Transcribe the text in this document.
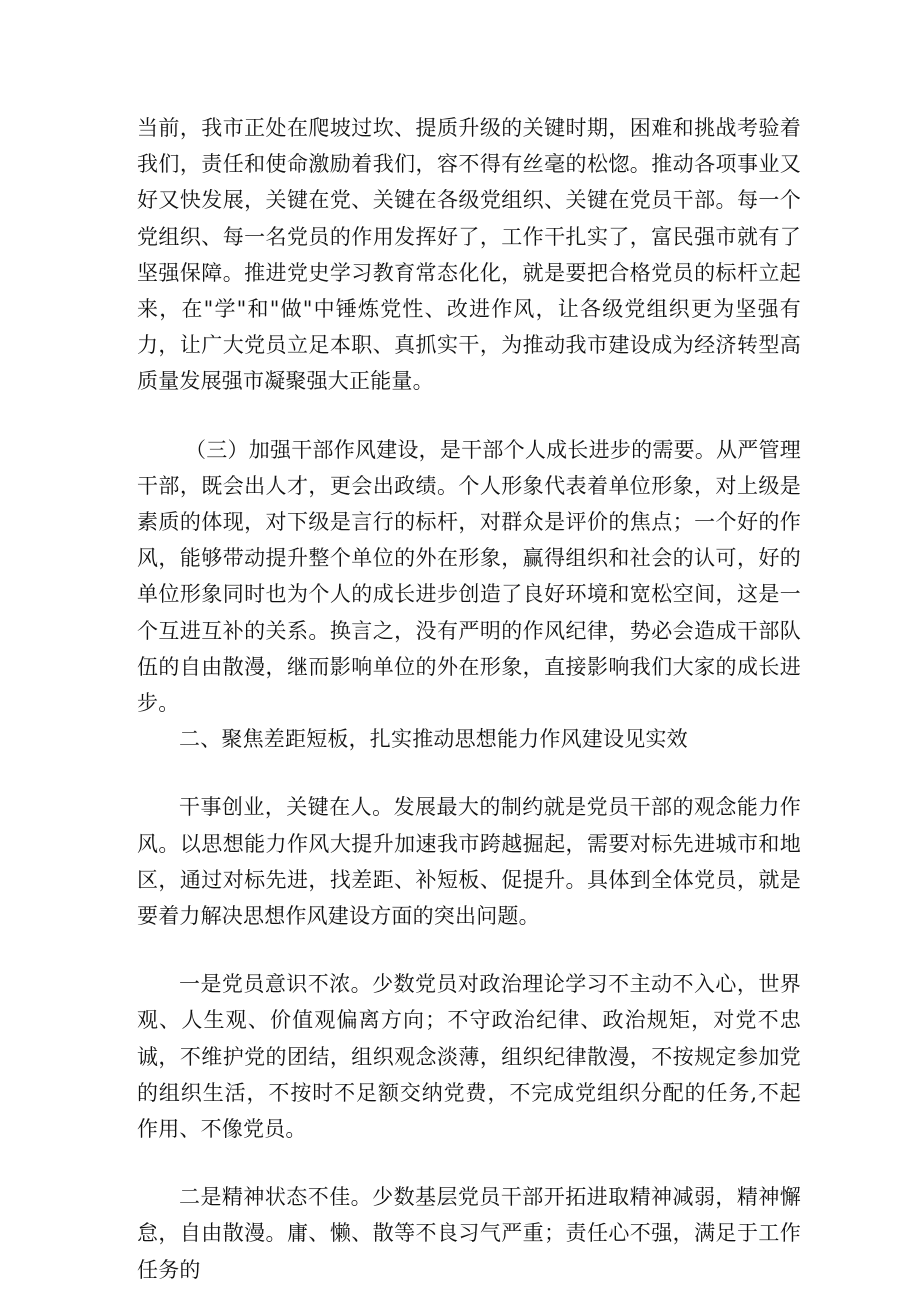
当前，我市正处在爬坡过坎、提质升级的关键时期，困难和挑战考验着我们，责任和使命激励着我们，容不得有丝毫的松惚。推动各项事业又好又快发展，关键在党、关键在各级党组织、关键在党员干部。每一个党组织、每一名党员的作用发挥好了，工作干扎实了，富民强市就有了坚强保障。推进党史学习教育常态化化，就是要把合格党员的标杆立起来，在"学"和"做"中锤炼党性、改进作风，让各级党组织更为坚强有力，让广大党员立足本职、真抓实干，为推动我市建设成为经济转型高质量发展强市凝聚强大正能量。

（三）加强干部作风建设，是干部个人成长进步的需要。从严管理干部，既会出人才，更会出政绩。个人形象代表着单位形象，对上级是素质的体现，对下级是言行的标杆，对群众是评价的焦点；一个好的作风，能够带动提升整个单位的外在形象，赢得组织和社会的认可，好的单位形象同时也为个人的成长进步创造了良好环境和宽松空间，这是一个互进互补的关系。换言之，没有严明的作风纪律，势必会造成干部队伍的自由散漫，继而影响单位的外在形象，直接影响我们大家的成长进步。

二、聚焦差距短板，扎实推动思想能力作风建设见实效

干事创业，关键在人。发展最大的制约就是党员干部的观念能力作风。以思想能力作风大提升加速我市跨越掘起，需要对标先进城市和地区，通过对标先进，找差距、补短板、促提升。具体到全体党员，就是要着力解决思想作风建设方面的突出问题。

一是党员意识不浓。少数党员对政治理论学习不主动不入心，世界观、人生观、价值观偏离方向；不守政治纪律、政治规矩，对党不忠诚，不维护党的团结，组织观念淡薄，组织纪律散漫，不按规定参加党的组织生活，不按时不足额交纳党费，不完成党组织分配的任务,不起作用、不像党员。

二是精神状态不佳。少数基层党员干部开拓进取精神减弱，精神懈怠，自由散漫。庸、懒、散等不良习气严重；责任心不强，满足于工作任务的
